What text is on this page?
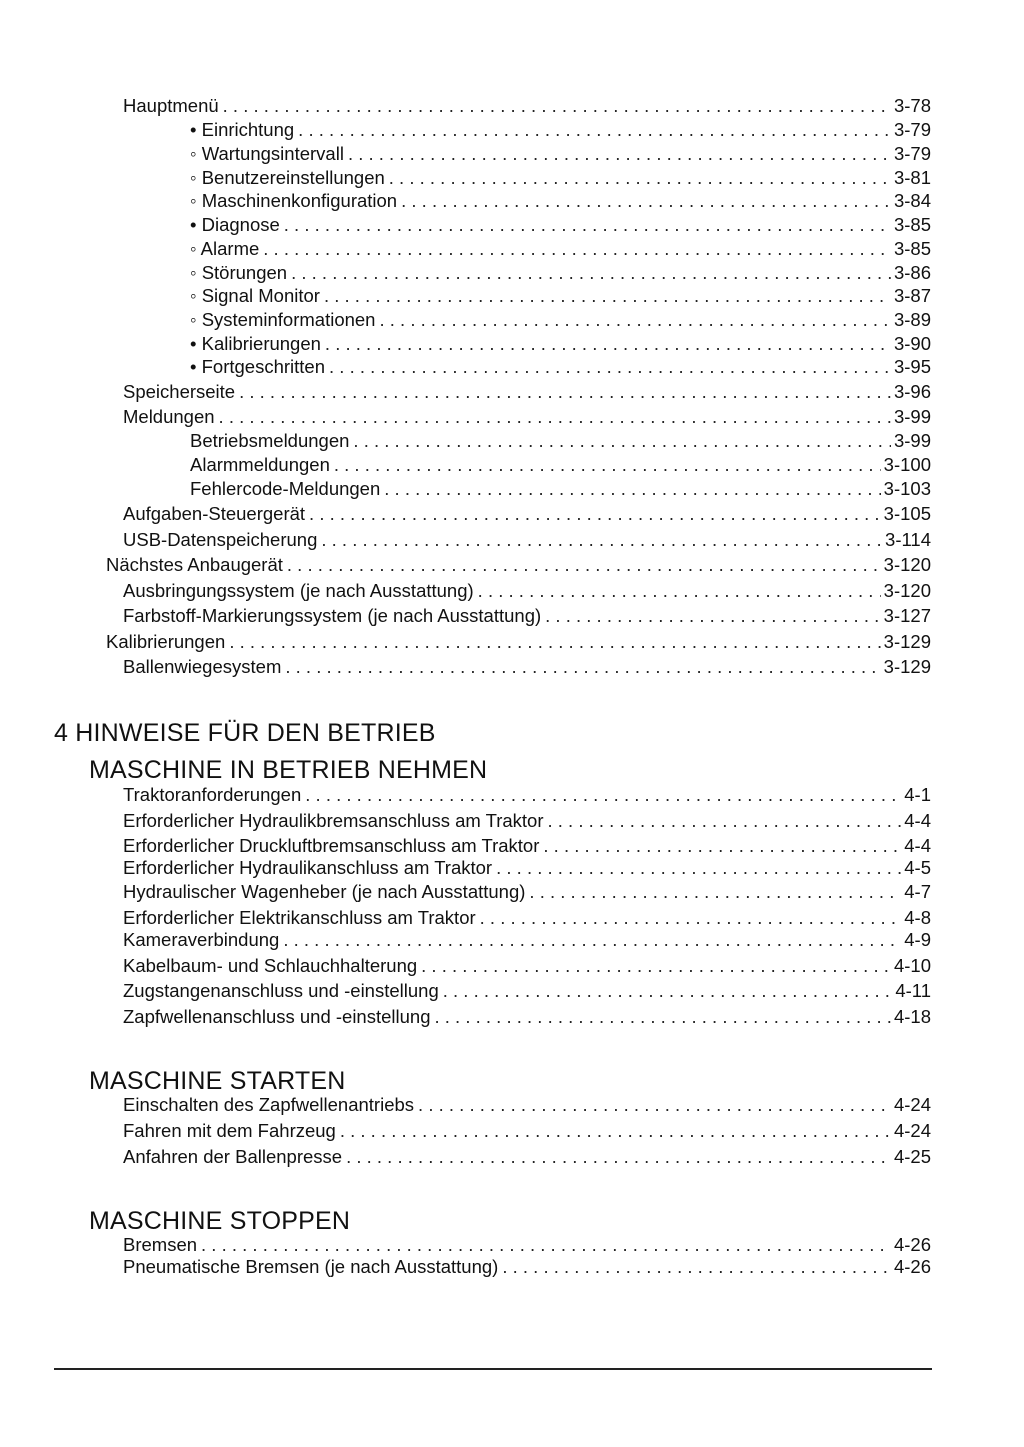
Hauptmenü . . .	3-78
• Einrichtung . . .	3-79
◦ Wartungsintervall . . .	3-79
◦ Benutzereinstellungen . . .	3-81
◦ Maschinenkonfiguration . . .	3-84
• Diagnose . . .	3-85
◦ Alarme . . .	3-85
◦ Störungen . . .	3-86
◦ Signal Monitor . . .	3-87
◦ Systeminformationen . . .	3-89
• Kalibrierungen . . .	3-90
• Fortgeschritten . . .	3-95
Speicherseite . . .	3-96
Meldungen . . .	3-99
Betriebsmeldungen . . .	3-99
Alarmmeldungen . . .	3-100
Fehlercode-Meldungen . . .	3-103
Aufgaben-Steuergerät . . .	3-105
USB-Datenspeicherung . . .	3-114
Nächstes Anbaugerät . . .	3-120
Ausbringungssystem (je nach Ausstattung) . . .	3-120
Farbstoff-Markierungssystem (je nach Ausstattung) . . .	3-127
Kalibrierungen . . .	3-129
Ballenwiegesystem . . .	3-129
4 HINWEISE FÜR DEN BETRIEB
MASCHINE IN BETRIEB NEHMEN
Traktoranforderungen . . .	4-1
Erforderlicher Hydraulikbremsanschluss am Traktor . . .	4-4
Erforderlicher Druckluftbremsanschluss am Traktor . . .	4-4
Erforderlicher Hydraulikanschluss am Traktor . . .	4-5
Hydraulischer Wagenheber (je nach Ausstattung) . . .	4-7
Erforderlicher Elektrikanschluss am Traktor . . .	4-8
Kameraverbindung . . .	4-9
Kabelbaum- und Schlauchhalterung . . .	4-10
Zugstangenanschluss und -einstellung . . .	4-11
Zapfwellenanschluss und -einstellung . . .	4-18
MASCHINE STARTEN
Einschalten des Zapfwellenantriebs . . .	4-24
Fahren mit dem Fahrzeug . . .	4-24
Anfahren der Ballenpresse . . .	4-25
MASCHINE STOPPEN
Bremsen . . .	4-26
Pneumatische Bremsen (je nach Ausstattung) . . .	4-26
